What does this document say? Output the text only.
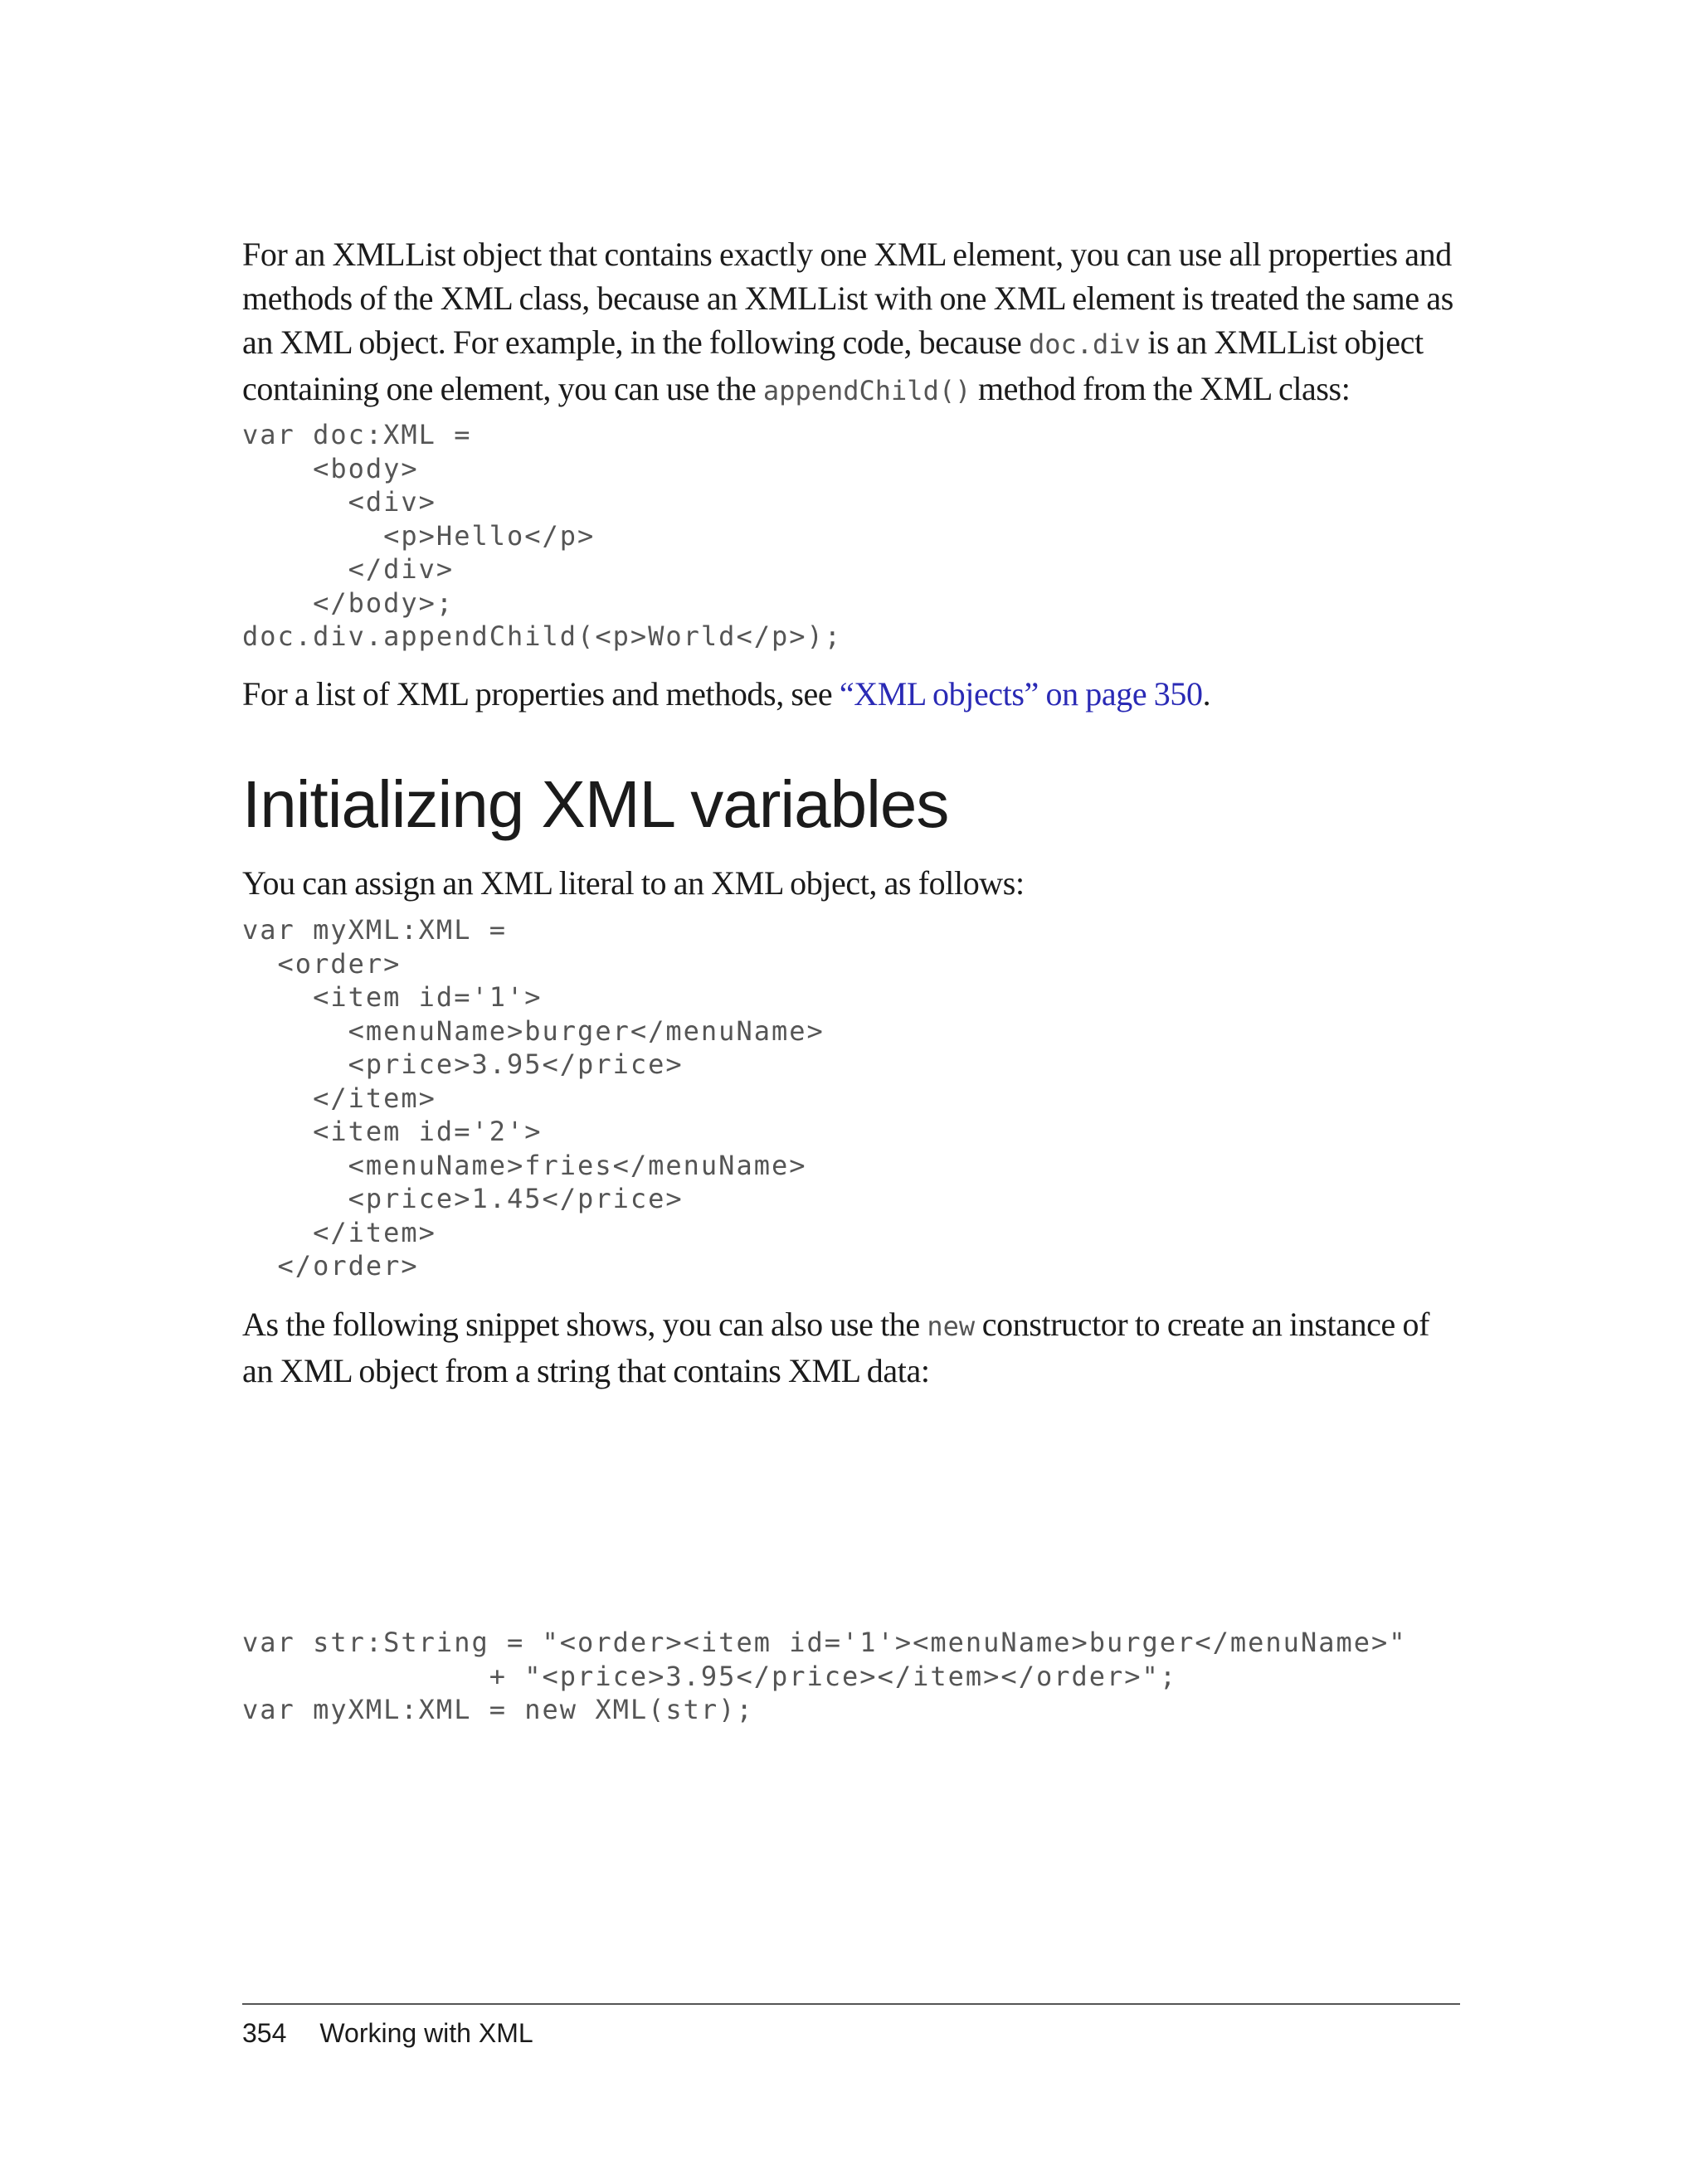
For an XMLList object that contains exactly one XML element, you can use all properties and methods of the XML class, because an XMLList with one XML element is treated the same as an XML object. For example, in the following code, because doc.div is an XMLList object containing one element, you can use the appendChild() method from the XML class:

var doc:XML =
<body>
<div>
<p>Hello</p>
</div>
</body>;
doc.div.appendChild(<p>World</p>);

For a list of XML properties and methods, see “XML objects” on page 350.

Initializing XML variables

You can assign an XML literal to an XML object, as follows:

var myXML:XML =
<order>
<item id='1'>
<menuName>burger</menuName>
<price>3.95</price>
</item>
<item id='2'>
<menuName>fries</menuName>
<price>1.45</price>
</item>
</order>

As the following snippet shows, you can also use the new constructor to create an instance of an XML object from a string that contains XML data:

var str:String = "<order><item id='1'><menuName>burger</menuName>"
+ "<price>3.95</price></item></order>";
var myXML:XML = new XML(str);
354 Working with XML
